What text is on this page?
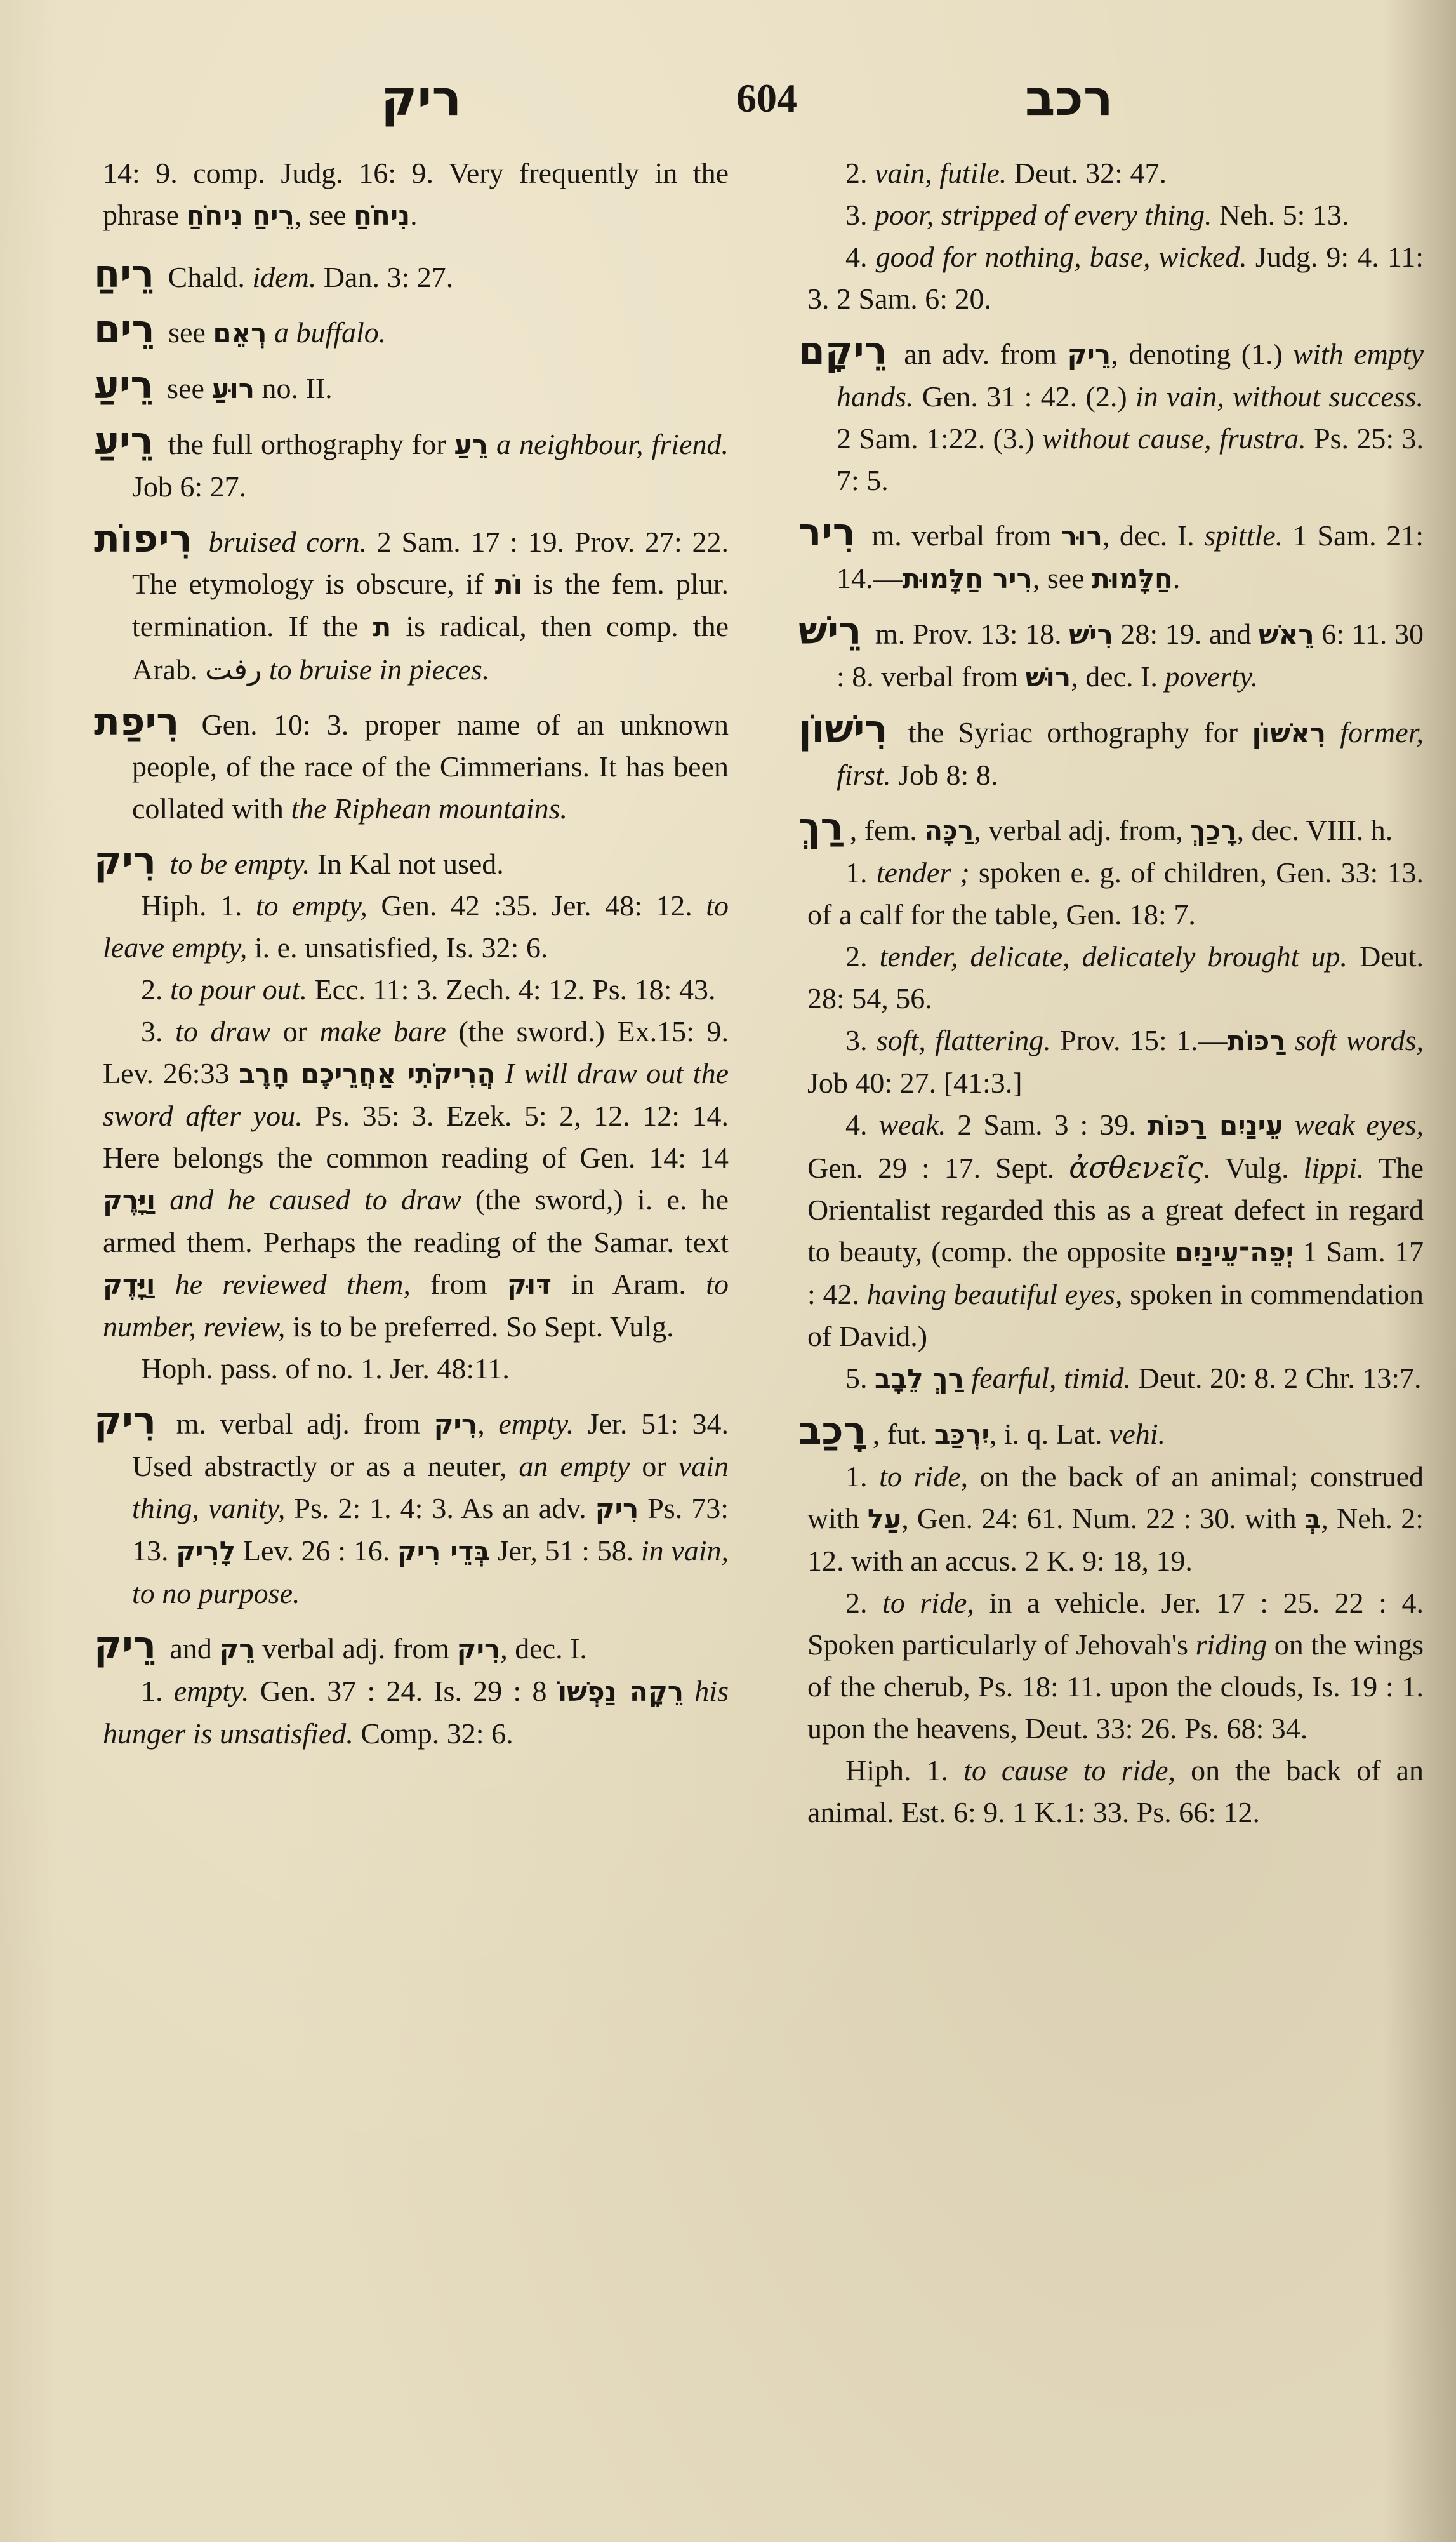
ריק	604	רכב

14: 9. comp. Judg. 16: 9. Very frequently in the phrase רֵיחַ נִיחֹחַ, see נִיחֹחַ.

רֵיחַ Chald. idem. Dan. 3: 27.

רֵים see רְאֵם a buffalo.

רֵיעַ see רוּעַ no. II.

רֵיעַ the full orthography for רֵעַ a neighbour, friend. Job 6: 27.

רִיפוֹת bruised corn. 2 Sam. 17 : 19. Prov. 27: 22. The etymology is obscure, if וֹת is the fem. plur. termination. If the ת is radical, then comp. the Arab. رفت to bruise in pieces.

רִיפַת Gen. 10: 3. proper name of an unknown people, of the race of the Cimmerians. It has been collated with the Riphean mountains.

רִיק to be empty. In Kal not used.

Hiph. 1. to empty, Gen. 42 :35. Jer. 48: 12. to leave empty, i. e. unsatisfied, Is. 32: 6.

2. to pour out. Ecc. 11: 3. Zech. 4: 12. Ps. 18: 43.

3. to draw or make bare (the sword.) Ex.15: 9. Lev. 26:33 הֲרִיקֹתִי אַחֲרֵיכֶם חָרֶב I will draw out the sword after you. Ps. 35: 3. Ezek. 5: 2, 12. 12: 14. Here belongs the common reading of Gen. 14: 14 וַיָּרֶק and he caused to draw (the sword,) i. e. he armed them. Perhaps the reading of the Samar. text וַיָּדֶק he reviewed them, from דּוּק in Aram. to number, review, is to be preferred. So Sept. Vulg.

Hoph. pass. of no. 1. Jer. 48:11.

רִיק m. verbal adj. from רִיק, empty. Jer. 51: 34. Used abstractly or as a neuter, an empty or vain thing, vanity, Ps. 2: 1. 4: 3. As an adv. רִיק Ps. 73: 13. לָרִיק Lev. 26 : 16. בְּדֵי רִיק Jer, 51 : 58. in vain, to no purpose.

רֵיק and רֵק verbal adj. from רִיק, dec. I.

1. empty. Gen. 37 : 24. Is. 29 : 8 רֵקָה נַפְשׁוֹ his hunger is unsatisfied. Comp. 32: 6.

2. vain, futile. Deut. 32: 47.

3. poor, stripped of every thing. Neh. 5: 13.

4. good for nothing, base, wicked. Judg. 9: 4. 11: 3. 2 Sam. 6: 20.

רֵיקָם an adv. from רֵיק, denoting (1.) with empty hands. Gen. 31 : 42. (2.) in vain, without success. 2 Sam. 1:22. (3.) without cause, frustra. Ps. 25: 3. 7: 5.

רִיר m. verbal from רוּר, dec. I. spittle. 1 Sam. 21: 14.—רִיר חַלָּמוּת, see חַלָּמוּת.

רֵישׁ m. Prov. 13: 18. רִישׁ 28: 19. and רֵאשׁ 6: 11. 30 : 8. verbal from רוּשׁ, dec. I. poverty.

רִישׁוֹן the Syriac orthography for רִאשׁוֹן former, first. Job 8: 8.

רַךְ , fem. רַכָּה, verbal adj. from, רָכַךְ, dec. VIII. h.

1. tender ; spoken e. g. of children, Gen. 33: 13. of a calf for the table, Gen. 18: 7.

2. tender, delicate, delicately brought up. Deut. 28: 54, 56.

3. soft, flattering. Prov. 15: 1.—רַכּוֹת soft words, Job 40: 27. [41:3.]

4. weak. 2 Sam. 3 : 39. עֵינַיִם רַכּוֹת weak eyes, Gen. 29 : 17. Sept. ἀσθενεῖς. Vulg. lippi. The Orientalist regarded this as a great defect in regard to beauty, (comp. the opposite יְפֵה־עֵינַיִם 1 Sam. 17 : 42. having beautiful eyes, spoken in commendation of David.)

5. רַךְ לֵבָב fearful, timid. Deut. 20: 8. 2 Chr. 13:7.

רָכַב , fut. יִרְכַּב, i. q. Lat. vehi.

1. to ride, on the back of an animal; construed with עַל, Gen. 24: 61. Num. 22 : 30. with בְּ, Neh. 2: 12. with an accus. 2 K. 9: 18, 19.

2. to ride, in a vehicle. Jer. 17 : 25. 22 : 4. Spoken particularly of Jehovah's riding on the wings of the cherub, Ps. 18: 11. upon the clouds, Is. 19 : 1. upon the heavens, Deut. 33: 26. Ps. 68: 34.

Hiph. 1. to cause to ride, on the back of an animal. Est. 6: 9. 1 K.1: 33. Ps. 66: 12.
